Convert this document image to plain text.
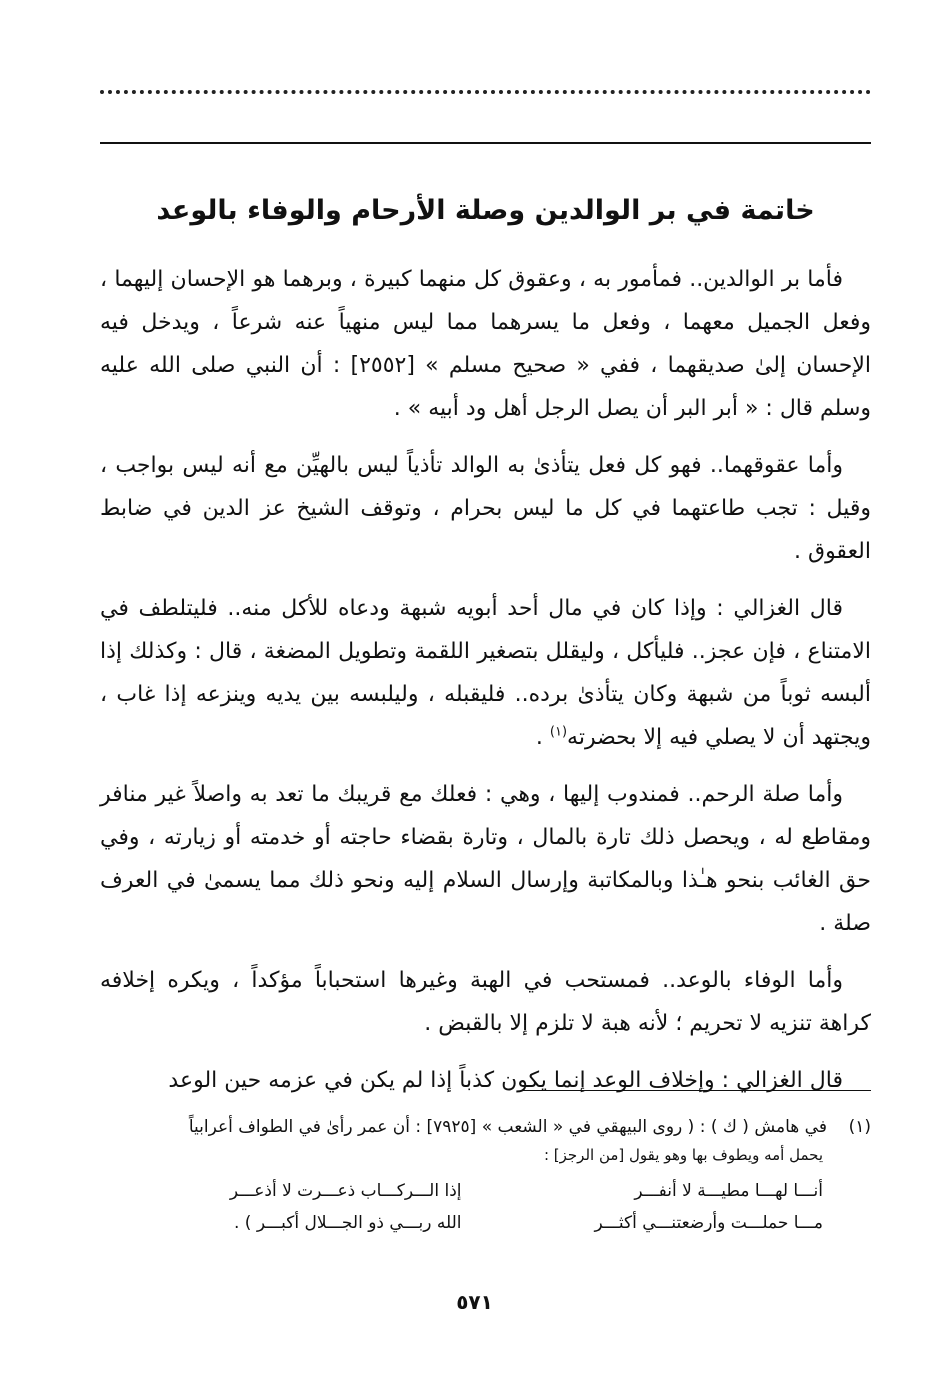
خاتمة في بر الوالدين وصلة الأرحام والوفاء بالوعد

فأما بر الوالدين.. فمأمور به ، وعقوق كل منهما كبيرة ، وبرهما هو الإحسان إليهما ، وفعل الجميل معهما ، وفعل ما يسرهما مما ليس منهياً عنه شرعاً ، ويدخل فيه الإحسان إلىٰ صديقهما ، ففي « صحيح مسلم » [٢٥٥٢] : أن النبي صلى الله عليه وسلم قال : « أبر البر أن يصل الرجل أهل ود أبيه » .

وأما عقوقهما.. فهو كل فعل يتأذىٰ به الوالد تأذياً ليس بالهيِّن مع أنه ليس بواجب ، وقيل : تجب طاعتهما في كل ما ليس بحرام ، وتوقف الشيخ عز الدين في ضابط العقوق .

قال الغزالي : وإذا كان في مال أحد أبويه شبهة ودعاه للأكل منه.. فليتلطف في الامتناع ، فإن عجز.. فليأكل ، وليقلل بتصغير اللقمة وتطويل المضغة ، قال : وكذلك إذا ألبسه ثوباً من شبهة وكان يتأذىٰ برده.. فليقبله ، وليلبسه بين يديه وينزعه إذا غاب ، ويجتهد أن لا يصلي فيه إلا بحضرته$^{(١)}$ .

وأما صلة الرحم.. فمندوب إليها ، وهي : فعلك مع قريبك ما تعد به واصلاً غير منافر ومقاطع له ، ويحصل ذلك تارة بالمال ، وتارة بقضاء حاجته أو خدمته أو زيارته ، وفي حق الغائب بنحو هـٰذا وبالمكاتبة وإرسال السلام إليه ونحو ذلك مما يسمىٰ في العرف صلة .

وأما الوفاء بالوعد.. فمستحب في الهبة وغيرها استحباباً مؤكداً ، ويكره إخلافه كراهة تنزيه لا تحريم ؛ لأنه هبة لا تلزم إلا بالقبض .

قال الغزالي : وإخلاف الوعد إنما يكون كذباً إذا لم يكن في عزمه حين الوعد

(١)    في هامش ( ك ) : ( روى البيهقي في « الشعب » [٧٩٢٥] : أن عمر رأىٰ في الطواف أعرابياً
يحمل أمه ويطوف بها وهو يقول [من الرجز] :
أنـــا لهـــا مطيـــة لا أنفـــر
مـــا حملـــت وأرضعتنـــي أكثـــر
إذا الـــركـــاب ذعـــرت لا أذعـــر
الله ربـــي ذو الجـــلال أكبـــر ) .
٥٧١
